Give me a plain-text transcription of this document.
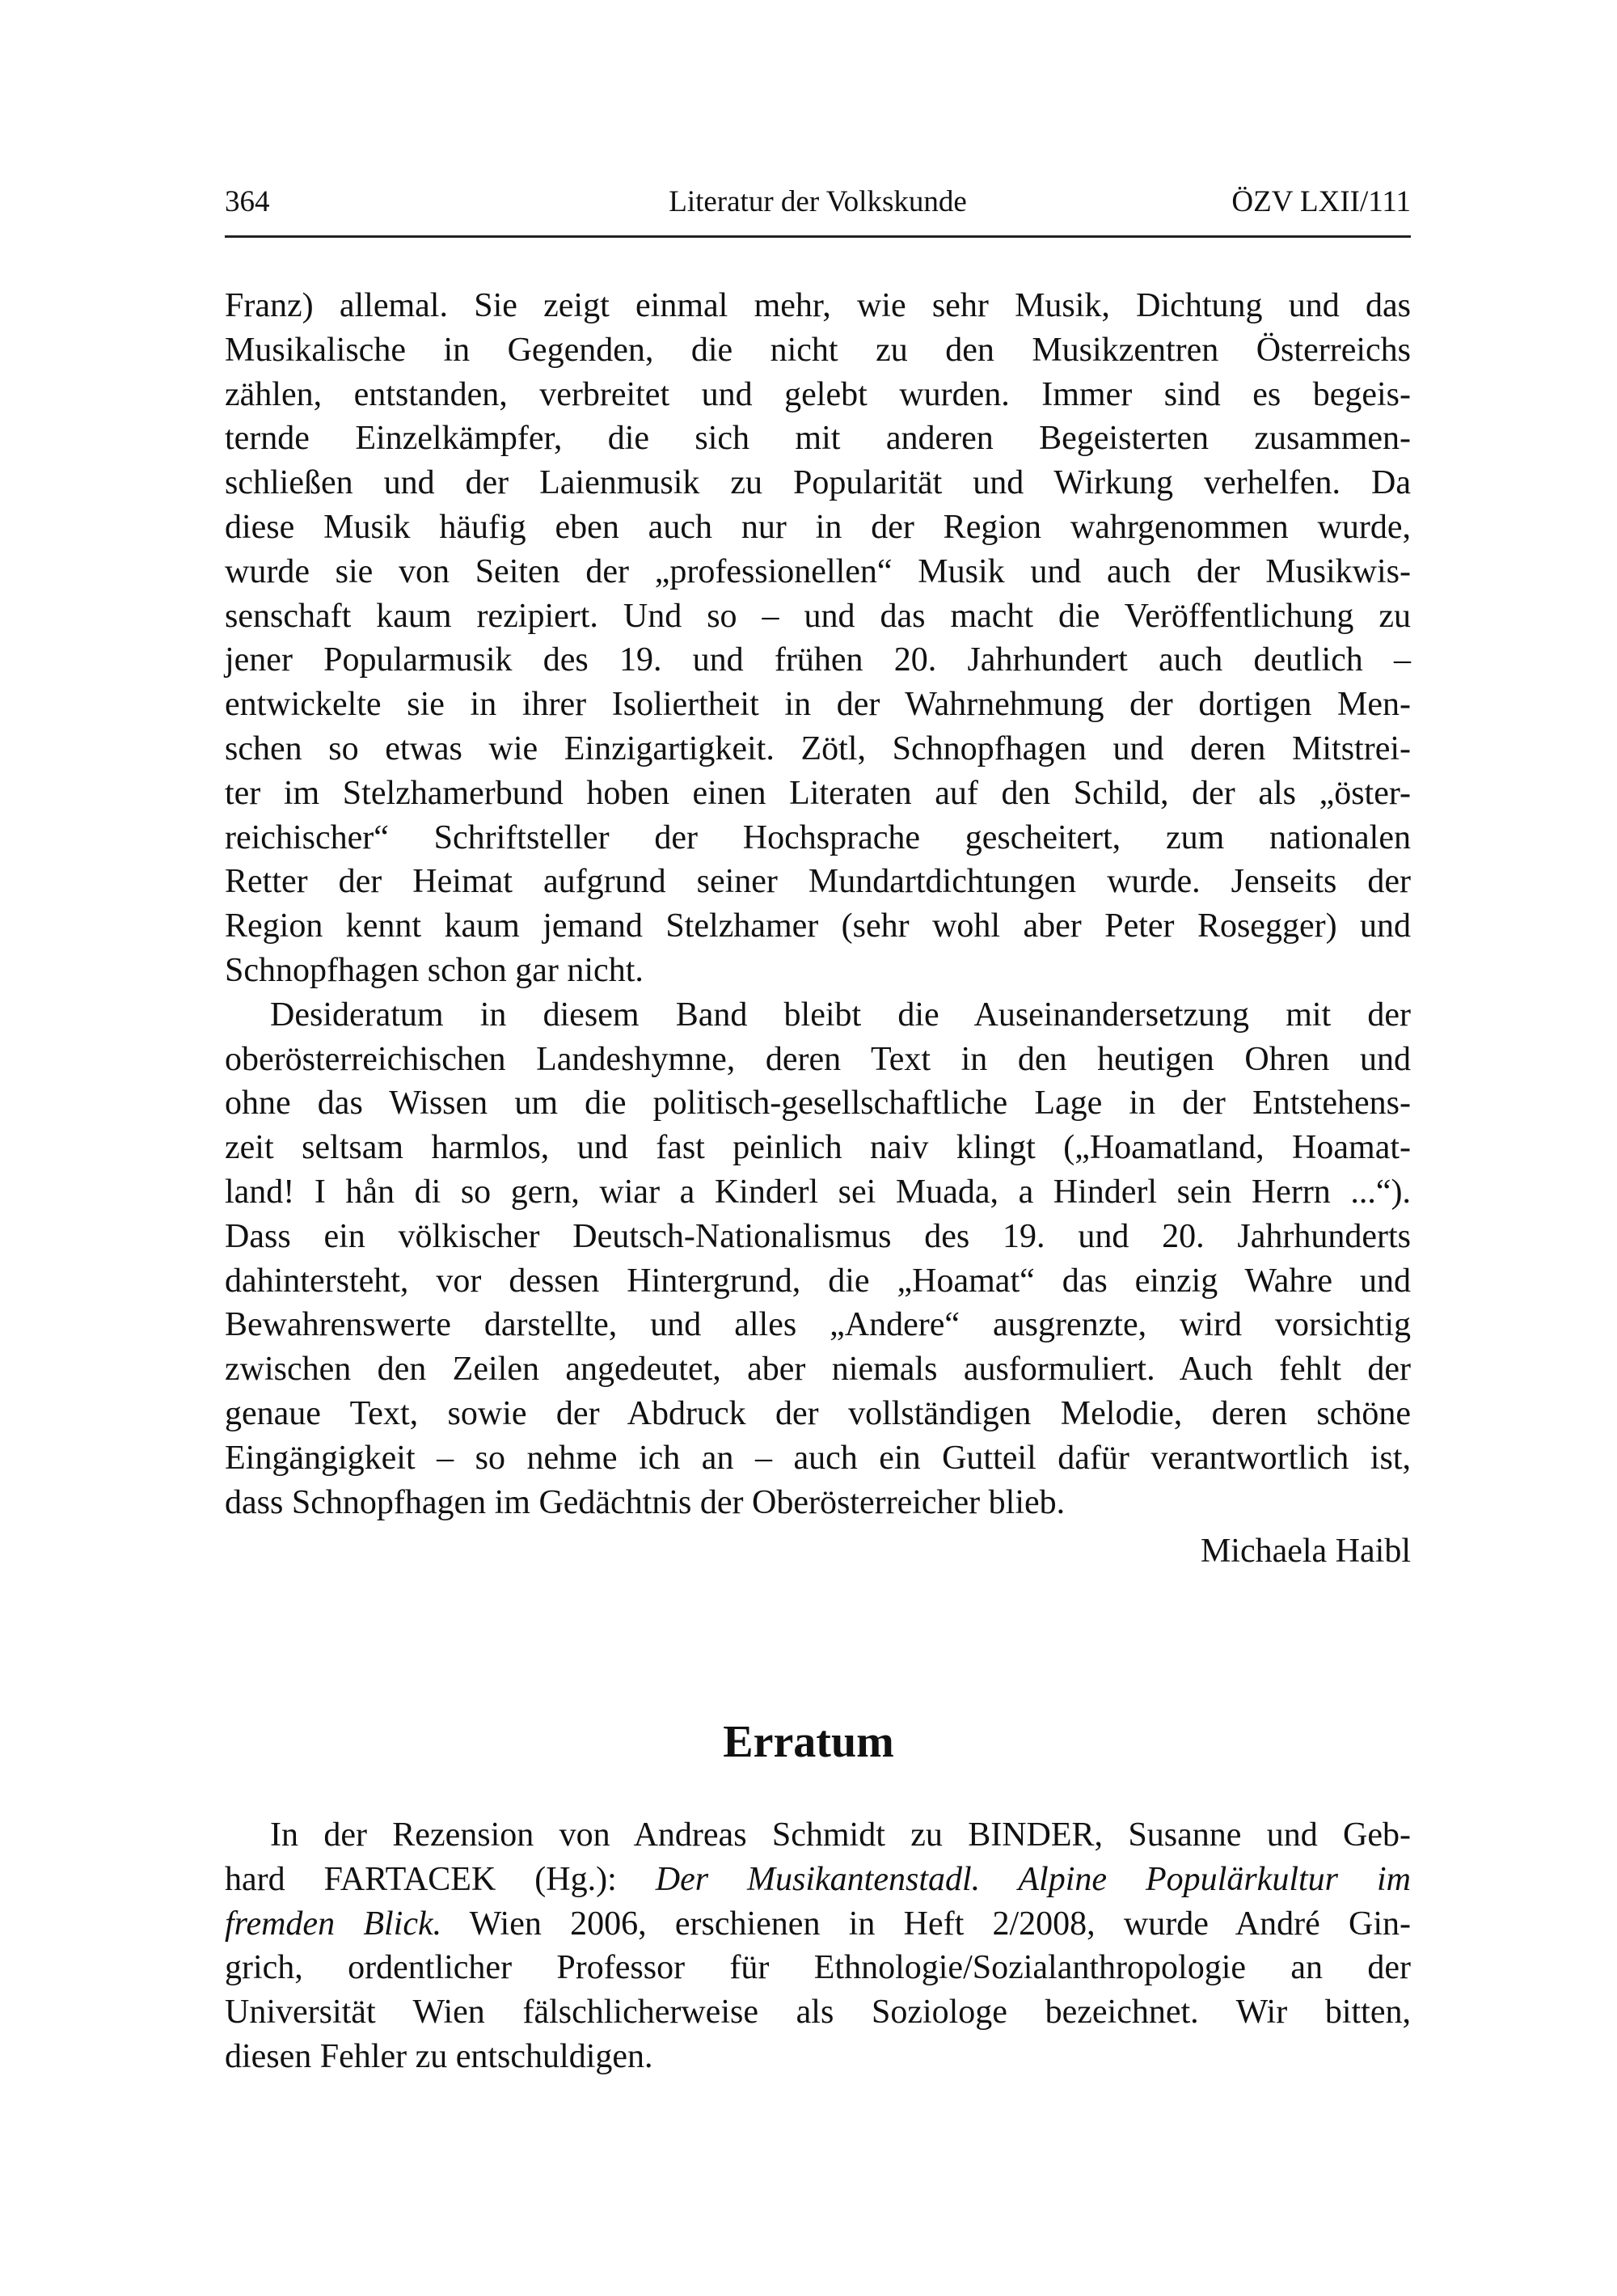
364	Literatur der Volkskunde	ÖZV LXII/111
Franz) allemal. Sie zeigt einmal mehr, wie sehr Musik, Dichtung und das
Musikalische in Gegenden, die nicht zu den Musikzentren Österreichs
zählen, entstanden, verbreitet und gelebt wurden. Immer sind es begeis-
ternde Einzelkämpfer, die sich mit anderen Begeisterten zusammen-
schließen und der Laienmusik zu Popularität und Wirkung verhelfen. Da
diese Musik häufig eben auch nur in der Region wahrgenommen wurde,
wurde sie von Seiten der „professionellen“ Musik und auch der Musikwis-
senschaft kaum rezipiert. Und so – und das macht die Veröffentlichung zu
jener Popularmusik des 19. und frühen 20. Jahrhundert auch deutlich –
entwickelte sie in ihrer Isoliertheit in der Wahrnehmung der dortigen Men-
schen so etwas wie Einzigartigkeit. Zötl, Schnopfhagen und deren Mitstrei-
ter im Stelzhamerbund hoben einen Literaten auf den Schild, der als „öster-
reichischer“ Schriftsteller der Hochsprache gescheitert, zum nationalen
Retter der Heimat aufgrund seiner Mundartdichtungen wurde. Jenseits der
Region kennt kaum jemand Stelzhamer (sehr wohl aber Peter Rosegger) und
Schnopfhagen schon gar nicht.
Desideratum in diesem Band bleibt die Auseinandersetzung mit der
oberösterreichischen Landeshymne, deren Text in den heutigen Ohren und
ohne das Wissen um die politisch-gesellschaftliche Lage in der Entstehens-
zeit seltsam harmlos, und fast peinlich naiv klingt („Hoamatland, Hoamat-
land! I hån di so gern, wiar a Kinderl sei Muada, a Hinderl sein Herrn ...“).
Dass ein völkischer Deutsch-Nationalismus des 19. und 20. Jahrhunderts
dahintersteht, vor dessen Hintergrund, die „Hoamat“ das einzig Wahre und
Bewahrenswerte darstellte, und alles „Andere“ ausgrenzte, wird vorsichtig
zwischen den Zeilen angedeutet, aber niemals ausformuliert. Auch fehlt der
genaue Text, sowie der Abdruck der vollständigen Melodie, deren schöne
Eingängigkeit – so nehme ich an – auch ein Gutteil dafür verantwortlich ist,
dass Schnopfhagen im Gedächtnis der Oberösterreicher blieb.
Michaela Haibl
Erratum
In der Rezension von Andreas Schmidt zu BINDER, Susanne und Geb-
hard FARTACEK (Hg.): Der Musikantenstadl. Alpine Populärkultur im
fremden Blick. Wien 2006, erschienen in Heft 2/2008, wurde André Gin-
grich, ordentlicher Professor für Ethnologie/Sozialanthropologie an der
Universität Wien fälschlicherweise als Soziologe bezeichnet. Wir bitten,
diesen Fehler zu entschuldigen.
